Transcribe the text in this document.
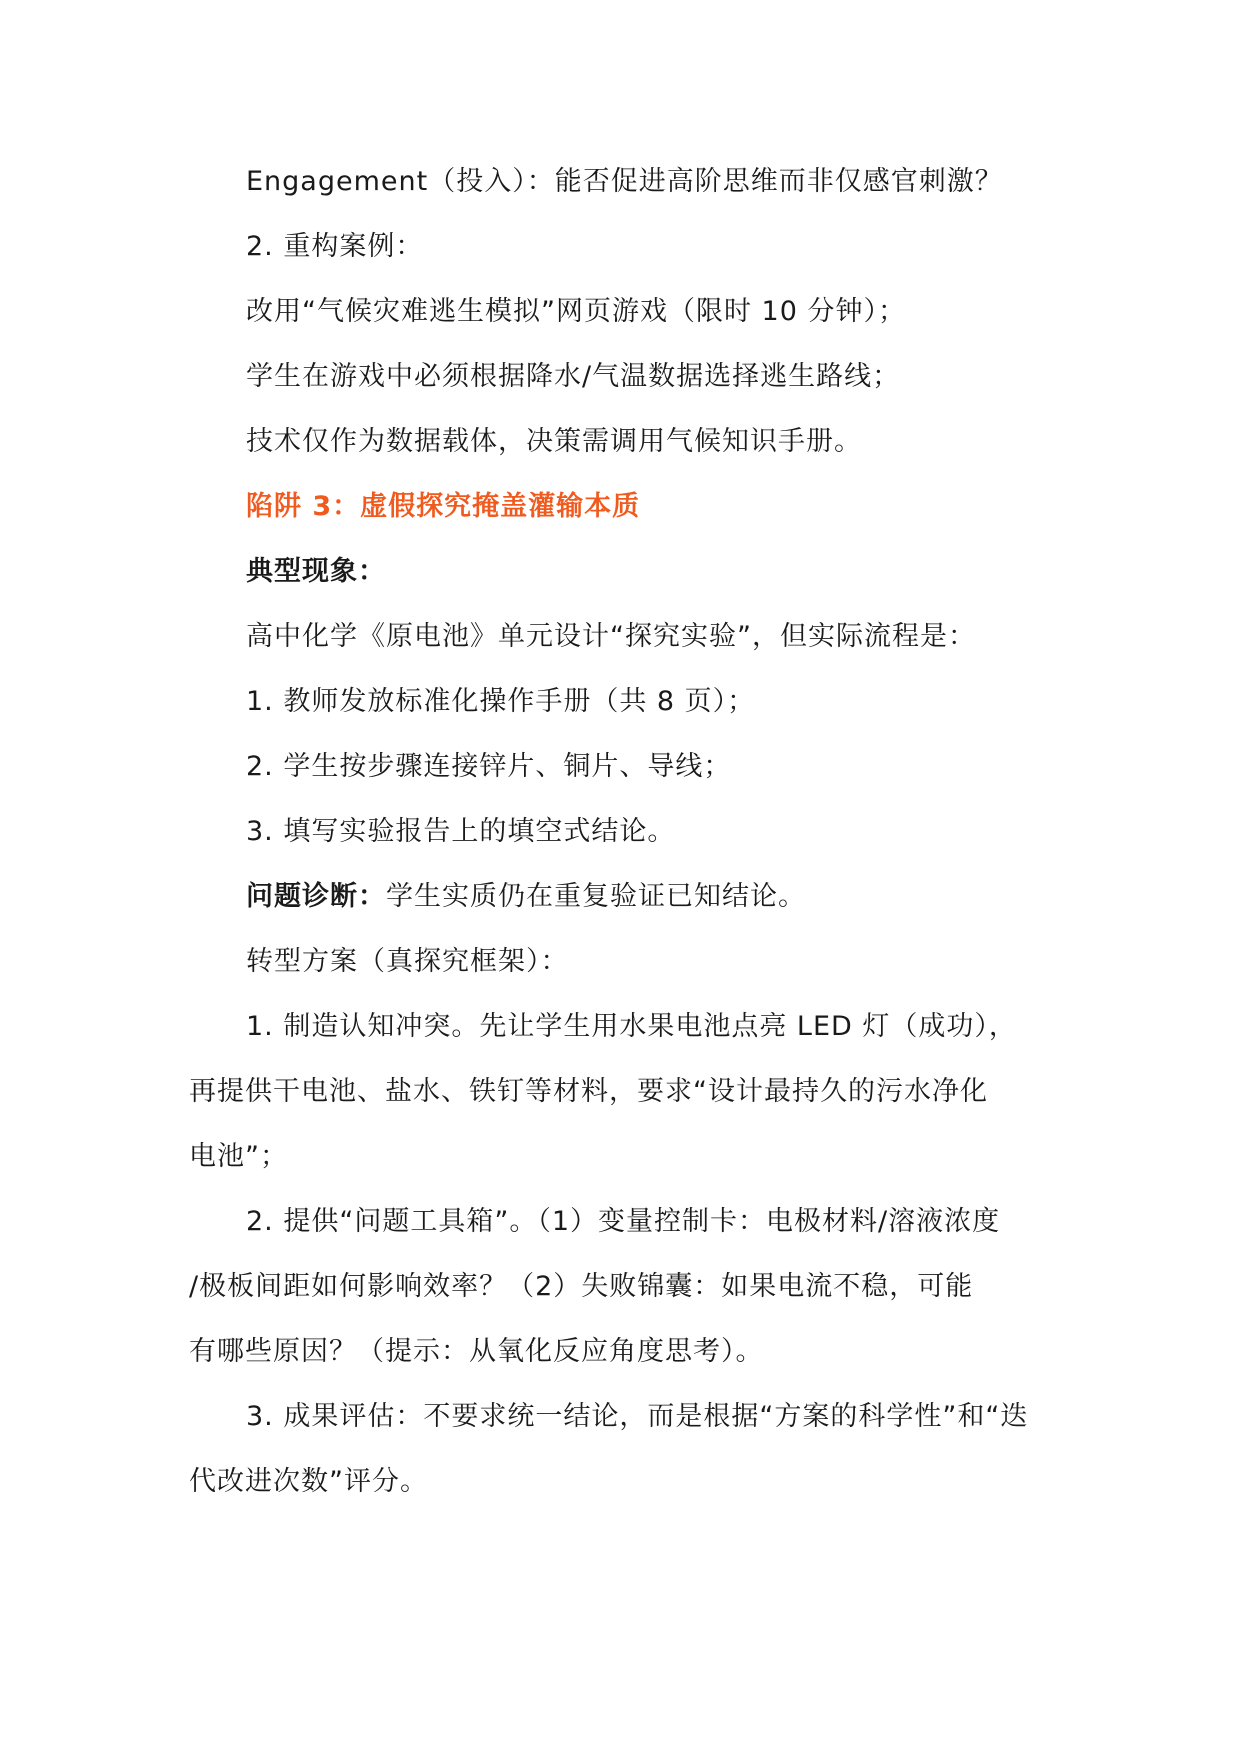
Engagement（投入）：能否促进高阶思维而非仅感官刺激？
2. 重构案例：
改用“气候灾难逃生模拟”网页游戏（限时 10 分钟）；
学生在游戏中必须根据降水/气温数据选择逃生路线；
技术仅作为数据载体，决策需调用气候知识手册。
陷阱 3：虚假探究掩盖灌输本质
典型现象：
高中化学《原电池》单元设计“探究实验”，但实际流程是：
1. 教师发放标准化操作手册（共 8 页）；
2. 学生按步骤连接锌片、铜片、导线；
3. 填写实验报告上的填空式结论。
问题诊断：学生实质仍在重复验证已知结论。
转型方案（真探究框架）：
1. 制造认知冲突。先让学生用水果电池点亮 LED 灯（成功），
再提供干电池、盐水、铁钉等材料，要求“设计最持久的污水净化
电池”；
2. 提供“问题工具箱”。（1）变量控制卡：电极材料/溶液浓度
/极板间距如何影响效率？（2）失败锦囊：如果电流不稳，可能
有哪些原因？（提示：从氧化反应角度思考）。
3. 成果评估：不要求统一结论，而是根据“方案的科学性”和“迭
代改进次数”评分。
